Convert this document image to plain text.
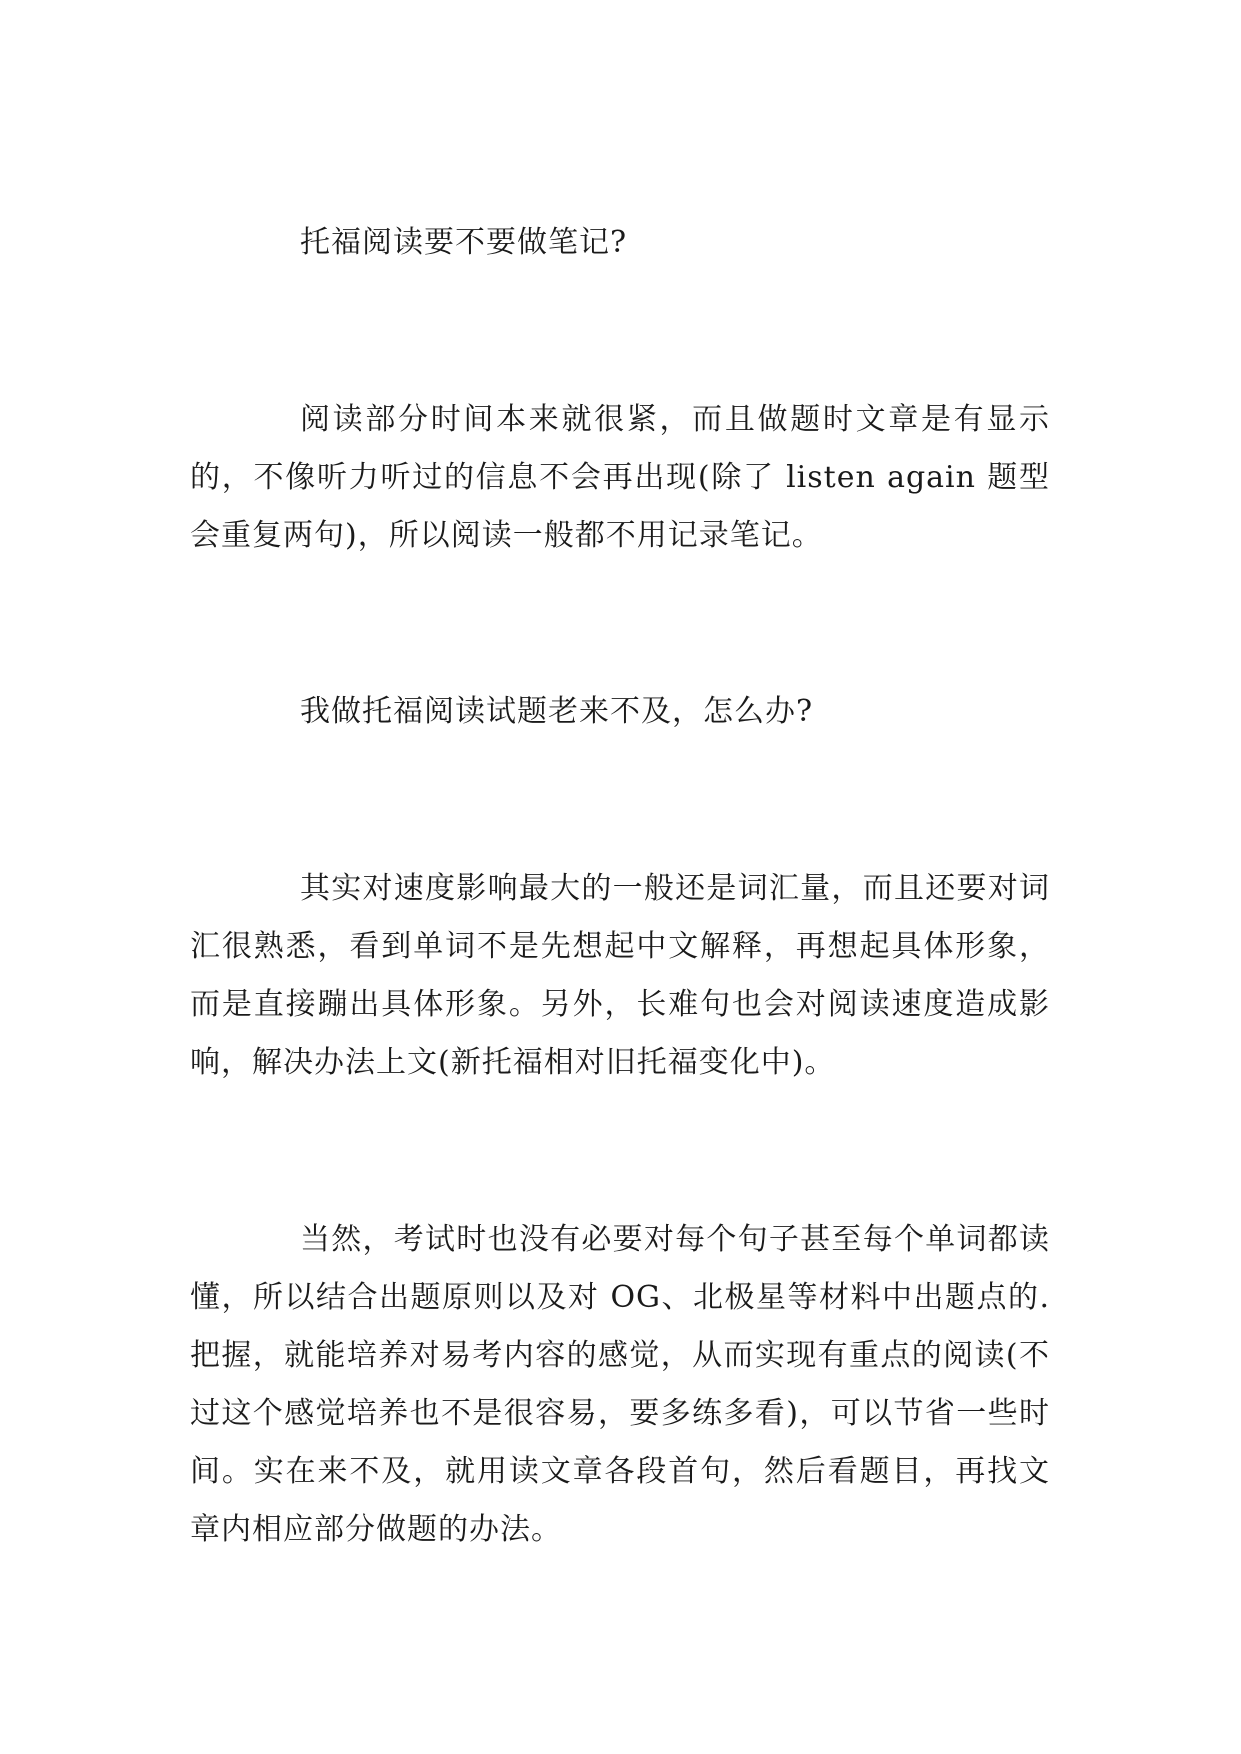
托福阅读要不要做笔记?

阅读部分时间本来就很紧，而且做题时文章是有显示的，不像听力听过的信息不会再出现(除了 listen again 题型会重复两句)，所以阅读一般都不用记录笔记。

我做托福阅读试题老来不及，怎么办?

其实对速度影响最大的一般还是词汇量，而且还要对词汇很熟悉，看到单词不是先想起中文解释，再想起具体形象，而是直接蹦出具体形象。另外，长难句也会对阅读速度造成影响，解决办法上文(新托福相对旧托福变化中)。

当然，考试时也没有必要对每个句子甚至每个单词都读懂，所以结合出题原则以及对 OG、北极星等材料中出题点的.把握，就能培养对易考内容的感觉，从而实现有重点的阅读(不过这个感觉培养也不是很容易，要多练多看)，可以节省一些时间。实在来不及，就用读文章各段首句，然后看题目，再找文章内相应部分做题的办法。
